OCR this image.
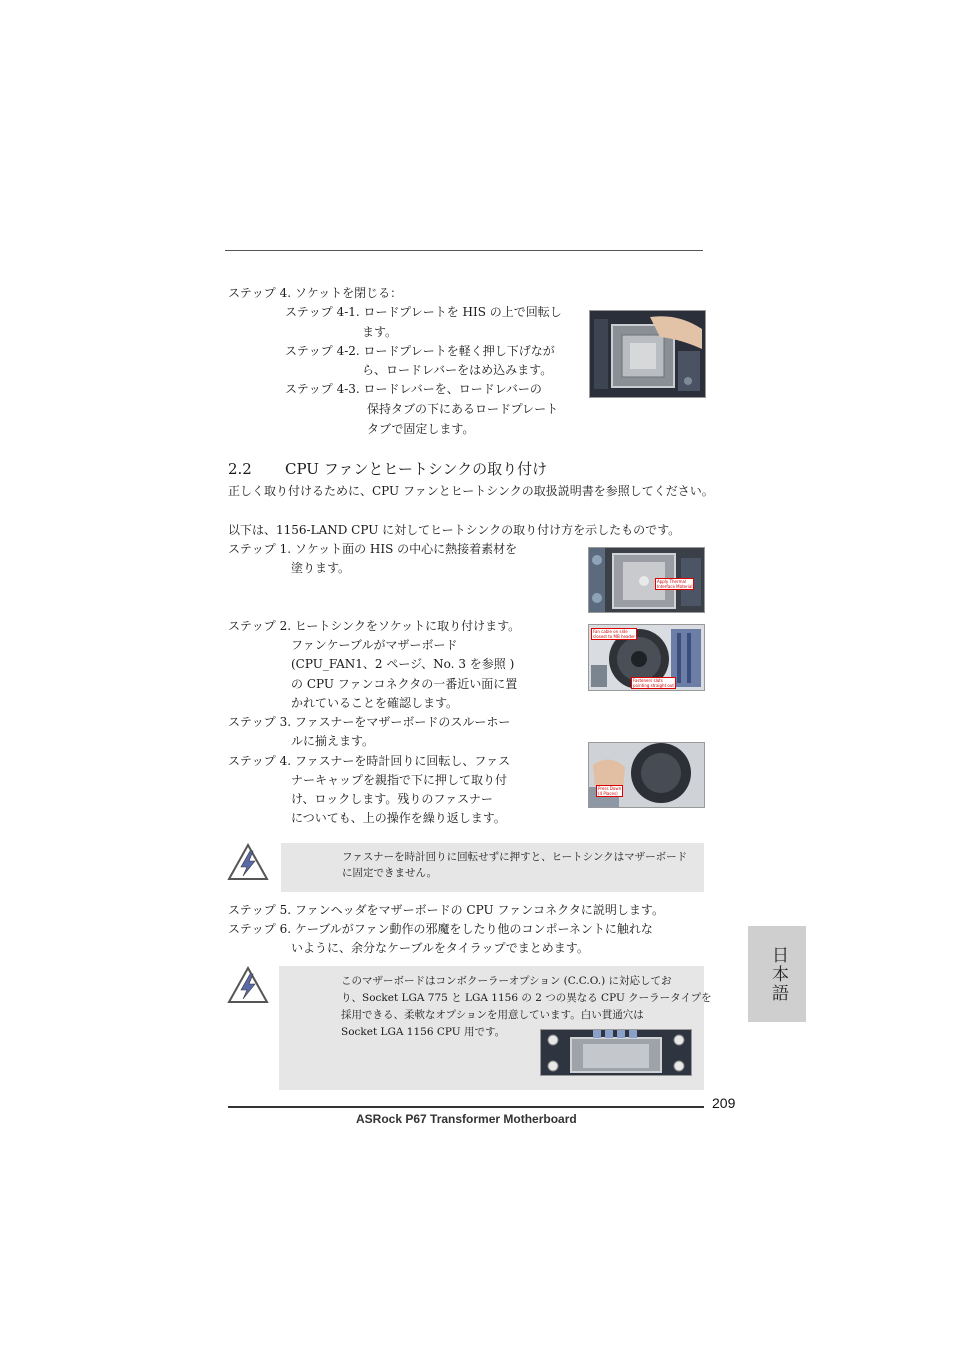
ステップ 4. ソケットを閉じる：
ステップ 4-1. ロードプレートを HIS の上で回転し
ます。
ステップ 4-2. ロードプレートを軽く押し下げなが
ら、ロードレバーをはめ込みます。
ステップ 4-3. ロードレバーを、ロードレバーの
保持タブの下にあるロードプレート
タブで固定します。
2.2 CPU ファンとヒートシンクの取り付け
正しく取り付けるために、CPU ファンとヒートシンクの取扱説明書を参照してください。
以下は、1156-LAND CPU に対してヒートシンクの取り付け方を示したものです。
ステップ 1. ソケット面の HIS の中心に熱接着素材を
塗ります。
Apply Thermal
Interface Material
ステップ 2. ヒートシンクをソケットに取り付けます。
ファンケーブルがマザーボード
(CPU_FAN1、2 ページ、No. 3 を参照 )
の CPU ファンコネクタの一番近い面に置
かれていることを確認します。
Fan cable on side
closest to MB header
Fasteners slots
pointing straight out
ステップ 3. ファスナーをマザーボードのスルーホー
ルに揃えます。
ステップ 4. ファスナーを時計回りに回転し、ファス
ナーキャップを親指で下に押して取り付
け、ロックします。残りのファスナー
についても、上の操作を繰り返します。
Press Down
(4 Places)
ファスナーを時計回りに回転せずに押すと、ヒートシンクはマザーボード
に固定できません。
ステップ 5. ファンヘッダをマザーボードの CPU ファンコネクタに説明します。
ステップ 6. ケーブルがファン動作の邪魔をしたり他のコンポーネントに触れな
いように、余分なケーブルをタイラップでまとめます。
このマザーボードはコンボクーラーオプション (C.C.O.) に対応してお
り、Socket LGA 775 と LGA 1156 の 2 つの異なる CPU クーラータイプを
採用できる、柔軟なオプションを用意しています。白い貫通穴は
Socket LGA 1156 CPU 用です。
日本語
209
ASRock P67 Transformer Motherboard
